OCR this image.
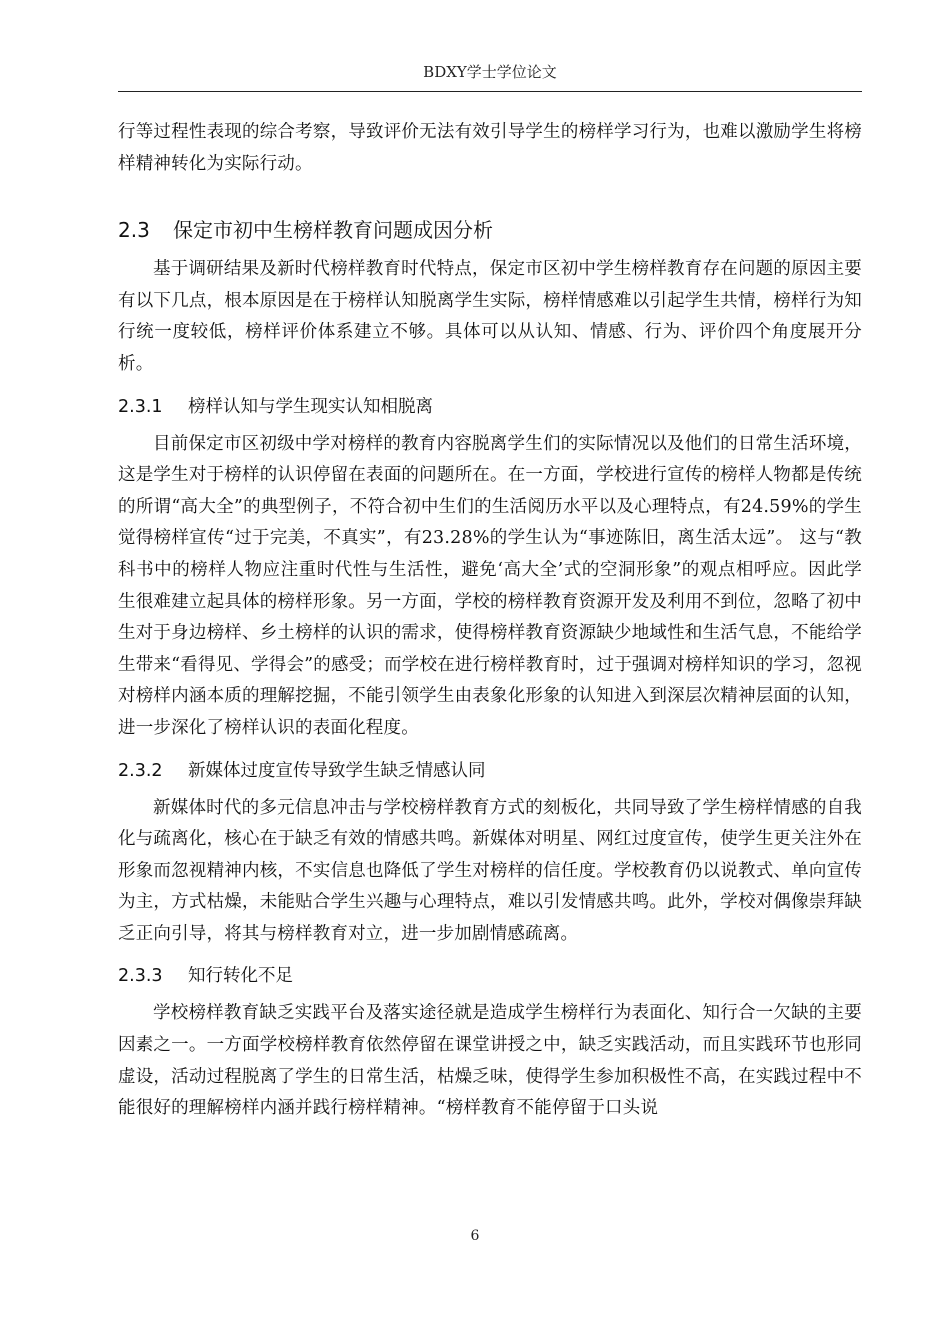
BDXY学士学位论文

行等过程性表现的综合考察，导致评价无法有效引导学生的榜样学习行为，也难以激励学生将榜样精神转化为实际行动。

2.3	保定市初中生榜样教育问题成因分析

基于调研结果及新时代榜样教育时代特点，保定市区初中学生榜样教育存在问题的原因主要有以下几点，根本原因是在于榜样认知脱离学生实际，榜样情感难以引起学生共情，榜样行为知行统一度较低，榜样评价体系建立不够。具体可以从认知、情感、行为、评价四个角度展开分析。

2.3.1	榜样认知与学生现实认知相脱离

目前保定市区初级中学对榜样的教育内容脱离学生们的实际情况以及他们的日常生活环境，这是学生对于榜样的认识停留在表面的问题所在。在一方面，学校进行宣传的榜样人物都是传统的所谓“高大全”的典型例子，不符合初中生们的生活阅历水平以及心理特点，有24.59%的学生觉得榜样宣传“过于完美，不真实”，有23.28%的学生认为“事迹陈旧，离生活太远”。 这与“教科书中的榜样人物应注重时代性与生活性，避免‘高大全’式的空洞形象”的观点相呼应。因此学生很难建立起具体的榜样形象。另一方面，学校的榜样教育资源开发及利用不到位，忽略了初中生对于身边榜样、乡土榜样的认识的需求，使得榜样教育资源缺少地域性和生活气息，不能给学生带来“看得见、学得会”的感受；而学校在进行榜样教育时，过于强调对榜样知识的学习，忽视对榜样内涵本质的理解挖掘，不能引领学生由表象化形象的认知进入到深层次精神层面的认知，进一步深化了榜样认识的表面化程度。

2.3.2	新媒体过度宣传导致学生缺乏情感认同

新媒体时代的多元信息冲击与学校榜样教育方式的刻板化，共同导致了学生榜样情感的自我化与疏离化，核心在于缺乏有效的情感共鸣。新媒体对明星、网红过度宣传，使学生更关注外在形象而忽视精神内核，不实信息也降低了学生对榜样的信任度。学校教育仍以说教式、单向宣传为主，方式枯燥，未能贴合学生兴趣与心理特点，难以引发情感共鸣。此外，学校对偶像崇拜缺乏正向引导，将其与榜样教育对立，进一步加剧情感疏离。

2.3.3	知行转化不足

学校榜样教育缺乏实践平台及落实途径就是造成学生榜样行为表面化、知行合一欠缺的主要因素之一。一方面学校榜样教育依然停留在课堂讲授之中，缺乏实践活动，而且实践环节也形同虚设，活动过程脱离了学生的日常生活，枯燥乏味，使得学生参加积极性不高，在实践过程中不能很好的理解榜样内涵并践行榜样精神。“榜样教育不能停留于口头说

6
